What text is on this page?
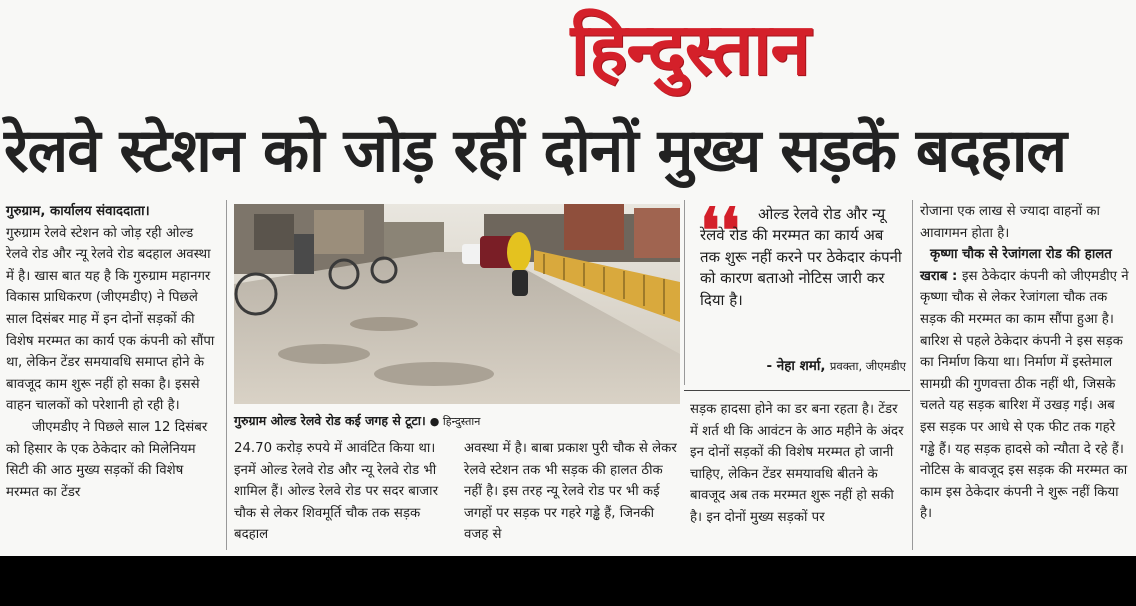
हिन्दुस्तान
रेलवे स्टेशन को जोड़ रहीं दोनों मुख्य सड़कें बदहाल

गुरुग्राम, कार्यालय संवाददाता।

गुरुग्राम रेलवे स्टेशन को जोड़ रही ओल्ड रेलवे रोड और न्यू रेलवे रोड बदहाल अवस्था में है। खास बात यह है कि गुरुग्राम महानगर विकास प्राधिकरण (जीएमडीए) ने पिछले साल दिसंबर माह में इन दोनों सड़कों की विशेष मरम्मत का कार्य एक कंपनी को सौंपा था, लेकिन टेंडर समयावधि समाप्त होने के बावजूद काम शुरू नहीं हो सका है। इससे वाहन चालकों को परेशानी हो रही है।

जीएमडीए ने पिछले साल 12 दिसंबर को हिसार के एक ठेकेदार को मिलेनियम सिटी की आठ मुख्य सड़कों की विशेष मरम्मत का टेंडर

गुरुग्राम ओल्ड रेलवे रोड कई जगह से टूटा। ● हिन्दुस्तान

24.70 करोड़ रुपये में आवंटित किया था। इनमें ओल्ड रेलवे रोड और न्यू रेलवे रोड भी शामिल हैं। ओल्ड रेलवे रोड पर सदर बाजार चौक से लेकर शिवमूर्ति चौक तक सड़क बदहाल

अवस्था में है। बाबा प्रकाश पुरी चौक से लेकर रेलवे स्टेशन तक भी सड़क की हालत ठीक नहीं है। इस तरह न्यू रेलवे रोड पर भी कई जगहों पर सड़क पर गहरे गड्ढे हैं, जिनकी वजह से

❛❛	ओल्ड रेलवे रोड और न्यू रेलवे रोड की मरम्मत का कार्य अब तक शुरू नहीं करने पर ठेकेदार कंपनी को कारण बताओ नोटिस जारी कर दिया है।
- नेहा शर्मा, प्रवक्ता, जीएमडीए

सड़क हादसा होने का डर बना रहता है। टेंडर में शर्त थी कि आवंटन के आठ महीने के अंदर इन दोनों सड़कों की विशेष मरम्मत हो जानी चाहिए, लेकिन टेंडर समयावधि बीतने के बावजूद अब तक मरम्मत शुरू नहीं हो सकी है। इन दोनों मुख्य सड़कों पर

रोजाना एक लाख से ज्यादा वाहनों का आवागमन होता है।

कृष्णा चौक से रेजांगला रोड की हालत खराब : इस ठेकेदार कंपनी को जीएमडीए ने कृष्णा चौक से लेकर रेजांगला चौक तक सड़क की मरम्मत का काम सौंपा हुआ है। बारिश से पहले ठेकेदार कंपनी ने इस सड़क का निर्माण किया था। निर्माण में इस्तेमाल सामग्री की गुणवत्ता ठीक नहीं थी, जिसके चलते यह सड़क बारिश में उखड़ गई। अब इस सड़क पर आधे से एक फीट तक गहरे गड्ढे हैं। यह सड़क हादसे को न्यौता दे रहे हैं। नोटिस के बावजूद इस सड़क की मरम्मत का काम इस ठेकेदार कंपनी ने शुरू नहीं किया है।
